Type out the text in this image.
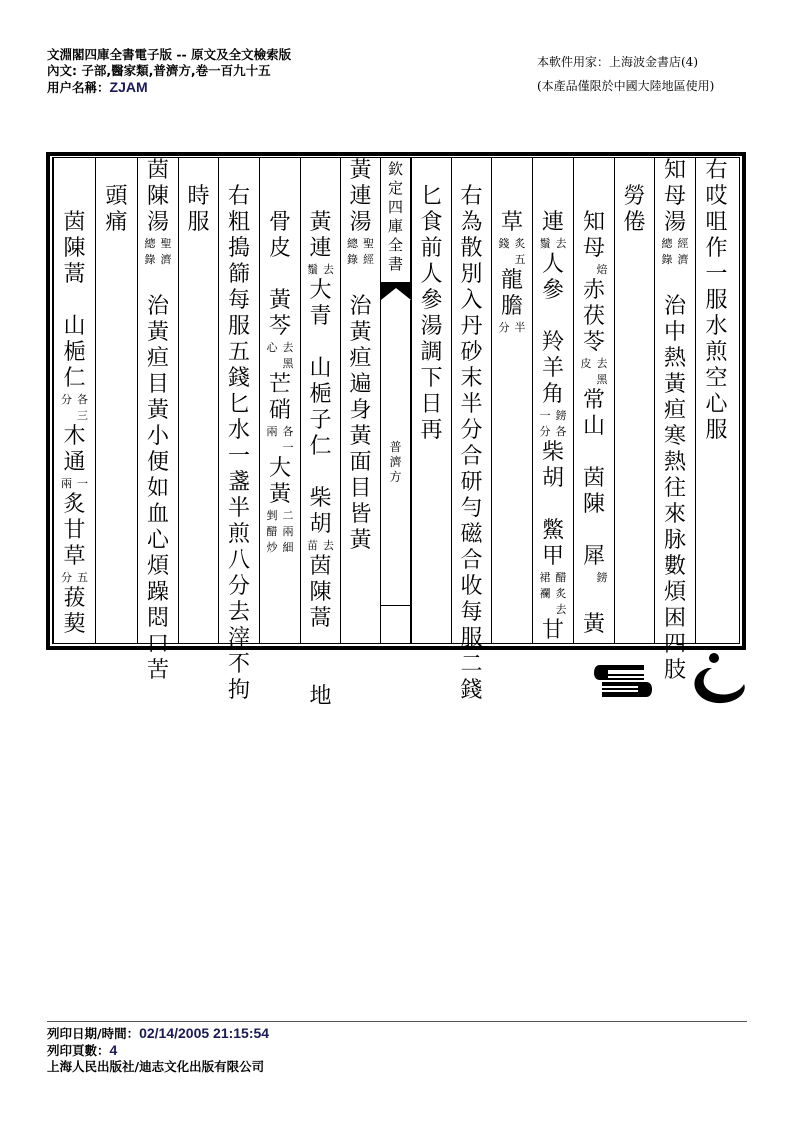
文淵閣四庫全書電子版 -- 原文及全文檢索版
內文: 子部,醫家類,普濟方,卷一百九十五
用户名稱：ZJAM
本軟件用家：上海波金書店(4)
(本產品僅限於中國大陸地區使用)
右
哎
咀
作
一
服
水
煎
空
心
服
知
母
湯
經
濟
總
錄
治
中
熱
黃
疸
寒
熱
往
來
脉
數
煩
困
四
肢
勞
倦
知
母
焙
赤
茯
苓
去
黑
皮
常
山
茵
陳
犀
鎊
黃
連
去
鬚
人
參
羚
羊
角
鎊
各
一
分
柴
胡
鱉
甲
醋
炙
去
裙
襴
甘
草
炙
五
錢
龍
膽
半
分
右
為
散
別
入
丹
砂
末
半
分
合
研
勻
磁
合
收
每
服
二
錢
匕
食
前
人
參
湯
調
下
日
再
黃
連
湯
聖
經
總
錄
治
黃
疸
遍
身
黃
面
目
皆
黃
黃
連
去
鬚
大
青
山
梔
子
仁
柴
胡
去
苗
茵
陳
蒿
地
骨
皮
黃
芩
去
黑
心
芒
硝
各
一
兩
大
黃
二
兩
細
剉
醋
炒
右
粗
搗
篩
每
服
五
錢
匕
水
一
盞
半
煎
八
分
去
滓
不
拘
時
服
茵
陳
湯
聖
濟
總
錄
治
黃
疸
目
黃
小
便
如
血
心
煩
躁
悶
口
苦
頭
痛
茵
陳
蒿
山
梔
仁
各
三
分
木
通
一
兩
炙
甘
草
五
分
菝
葜
欽
定
四
庫
全
書
普
濟
方
列印日期/時間：02/14/2005 21:15:54
列印頁數：4
上海人民出版社/迪志文化出版有限公司
